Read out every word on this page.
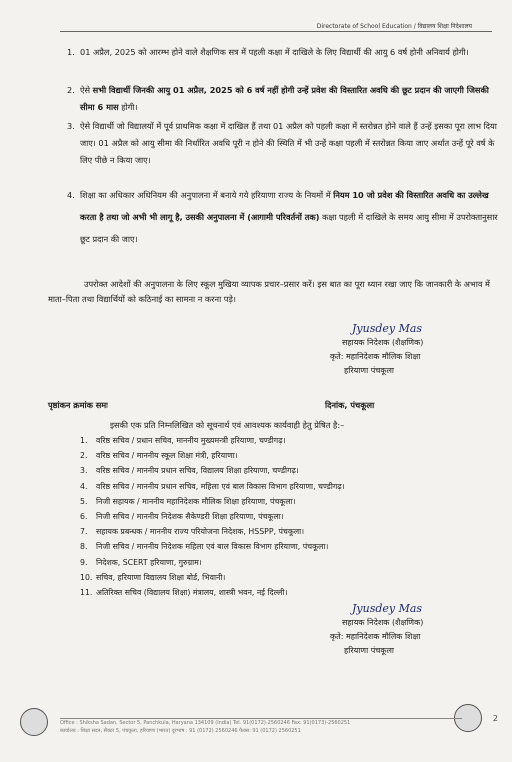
Directorate of School Education / विद्यालय शिक्षा निदेशालय
1. 01 अप्रैल, 2025 को आरम्भ होने वाले शैक्षणिक सत्र में पहली कक्षा में दाखिले के लिए विद्यार्थी की आयु 6 वर्ष होनी अनिवार्य होगी।

2. ऐसे सभी विद्यार्थी जिनकी आयु 01 अप्रैल, 2025 को 6 वर्ष नहीं होगी उन्हें प्रवेश की विस्तारित अवधि की छूट प्रदान की जाएगी जिसकी सीमा 6 मास होगी।

3. ऐसे विद्यार्थी जो विद्यालयों में पूर्व प्राथमिक कक्षा में दाखिल हैं तथा 01 अप्रैल को पहली कक्षा में स्तरोन्नत होने वाले हैं उन्हें इसका पूरा लाभ दिया जाए। 01 अप्रैल को आयु सीमा की निर्धारित अवधि पूरी न होने की स्थिति में भी उन्हें कक्षा पहली में स्तरोन्नत किया जाए अर्थात उन्हें पूरे वर्ष के लिए पीछे न किया जाए।

4. शिक्षा का अधिकार अधिनियम की अनुपालना में बनाये गये हरियाणा राज्य के नियमों में नियम 10 जो प्रवेश की विस्तारित अवधि का उल्लेख करता है तथा जो अभी भी लागू है, उसकी अनुपालना में (आगामी परिवर्तनों तक) कक्षा पहली में दाखिले के समय आयु सीमा में उपरोक्तानुसार छूट प्रदान की जाए।

उपरोक्त आदेशों की अनुपालना के लिए स्कूल मुखिया व्यापक प्रचार–प्रसार करें। इस बात का पूरा ध्यान रखा जाए कि जानकारी के अभाव में माता–पिता तथा विद्यार्थियों को कठिनाई का सामना न करना पड़े।
Jyusdey Mas
सहायक निदेशक (शैक्षणिक)
कृते: महानिदेशक मौलिक शिक्षा
हरियाणा पंचकूला
पृष्ठांकन क्रमांक समः	दिनांक, पंचकूला
इसकी एक प्रति निम्नलिखित को सूचनार्थ एवं आवश्यक कार्यवाही हेतु प्रेषित है:–
1. वरिष्ठ सचिव / प्रधान सचिव, माननीय मुख्यमन्त्री हरियाणा, चण्डीगढ़।
2. वरिष्ठ सचिव / माननीय स्कूल शिक्षा मंत्री, हरियाणा।
3. वरिष्ठ सचिव / माननीय प्रधान सचिव, विद्यालय शिक्षा हरियाणा, चण्डीगढ़।
4. वरिष्ठ सचिव / माननीय प्रधान सचिव, महिला एवं बाल विकास विभाग हरियाणा, चण्डीगढ़।
5. निजी सहायक / माननीय महानिदेशक मौलिक शिक्षा हरियाणा, पंचकूला।
6. निजी सचिव / माननीय निदेशक सैकेण्डरी शिक्षा हरियाणा, पंचकूला।
7. सहायक प्रबन्धक / माननीय राज्य परियोजना निदेशक, HSSPP, पंचकूला।
8. निजी सचिव / माननीय निदेशक महिला एवं बाल विकास विभाग हरियाणा, पंचकूला।
9. निदेशक, SCERT हरियाणा, गुरुग्राम।
10. सचिव, हरियाणा विद्यालय शिक्षा बोर्ड, भिवानी।
11. अतिरिक्त सचिव (विद्यालय शिक्षा) मंत्रालय, शास्त्री भवन, नई दिल्ली।
Jyusdey Mas
सहायक निदेशक (शैक्षणिक)
कृते: महानिदेशक मौलिक शिक्षा
हरियाणा पंचकूला
Office : Shiksha Sadan, Sector 5, Panchkula, Haryana 134109 (India) Tel. 91(0172)-2560246 Fax: 91(0173)-2560251
कार्यालय : शिक्षा सदन, सैक्टर 5, पंचकूला, हरियाणा (भारत) दूरभाष : 91 (0172) 2560246 फैक्स: 91 (0172) 2560251
2
